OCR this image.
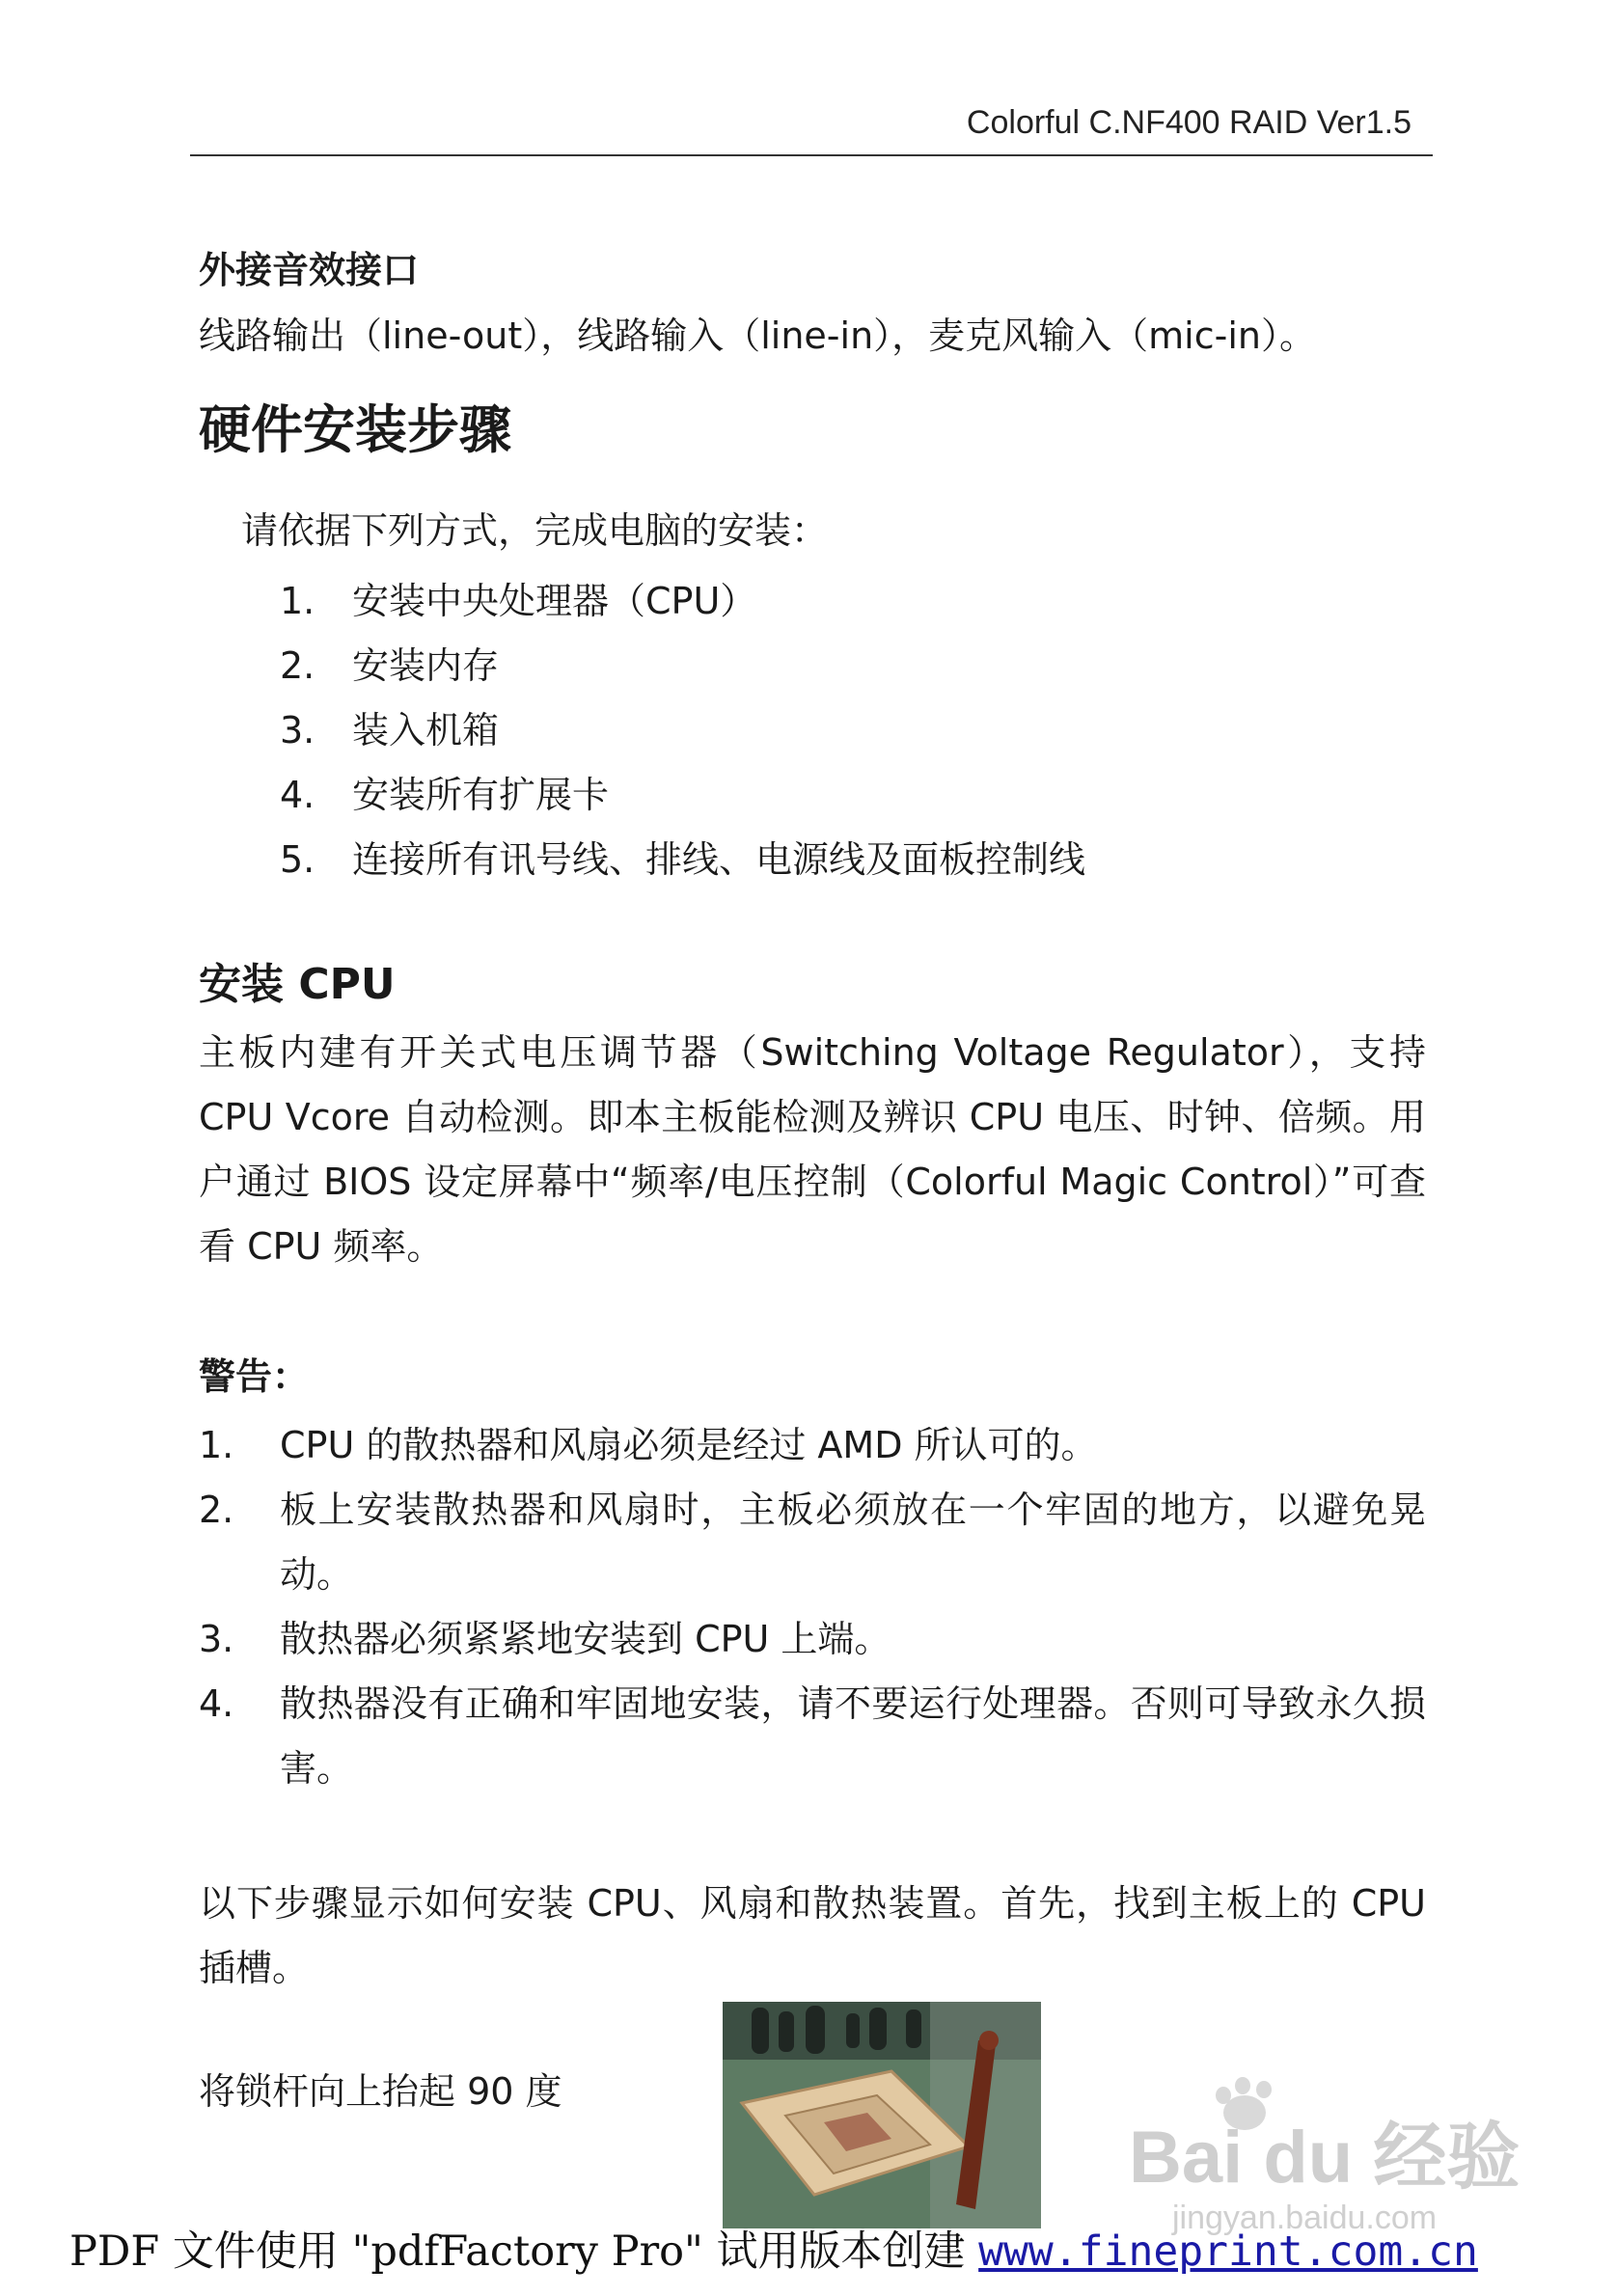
Colorful C.NF400 RAID Ver1.5
外接音效接口
线路输出（line-out），线路输入（line-in），麦克风输入（mic-in）。
硬件安装步骤
请依据下列方式，完成电脑的安装：
1. 安装中央处理器（CPU）
2. 安装内存
3. 装入机箱
4. 安装所有扩展卡
5. 连接所有讯号线、排线、电源线及面板控制线
安装 CPU
主板内建有开关式电压调节器（Switching Voltage Regulator），支持 CPU Vcore 自动检测。即本主板能检测及辨识 CPU 电压、时钟、倍频。用户通过 BIOS 设定屏幕中“频率/电压控制（Colorful Magic Control）”可查看 CPU 频率。
警告：
1. CPU 的散热器和风扇必须是经过 AMD 所认可的。
2. 板上安装散热器和风扇时，主板必须放在一个牢固的地方，以避免晃动。
3. 散热器必须紧紧地安装到 CPU 上端。
4. 散热器没有正确和牢固地安装，请不要运行处理器。否则可导致永久损害。
以下步骤显示如何安装 CPU、风扇和散热装置。首先，找到主板上的 CPU 插槽。
将锁杆向上抬起 90 度
Bai du 经验
jingyan.baidu.com
PDF 文件使用 "pdfFactory Pro" 试用版本创建 www.fineprint.com.cn
